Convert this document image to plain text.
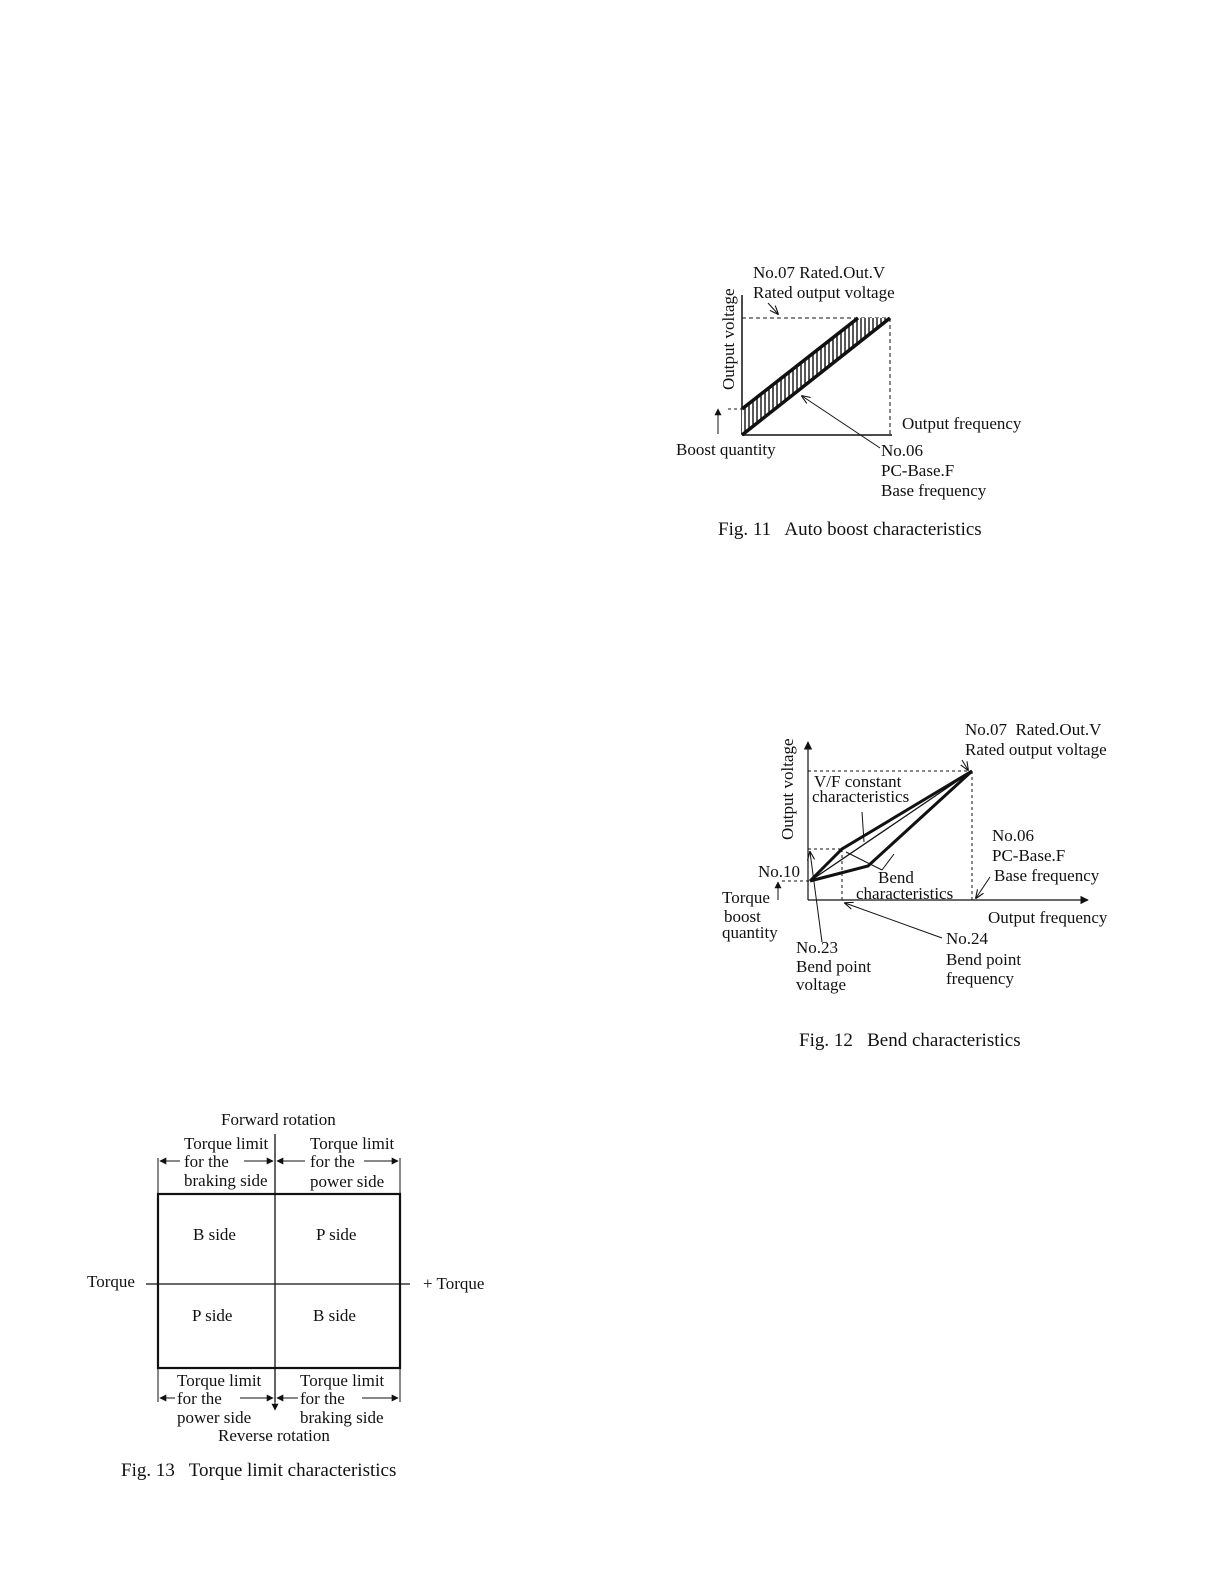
Output voltage
No.07 Rated.Out.V
Rated output voltage
Output frequency
Boost quantity	No.06
PC-Base.F
Base frequency
Fig. 11   Auto boost characteristics
Output voltage
No.07  Rated.Out.V
Rated output voltage
V/F constant
characteristics
No.06
PC-Base.F
Base frequency
No.10
Torque
boost
quantity
Bend
characteristics
Output frequency
No.23
Bend point
voltage
No.24
Bend point
frequency
Fig. 12   Bend characteristics
Forward rotation
Torque limit
for the
braking side
Torque limit
for the
power side
B side	P side
P side	B side
Torque	+ Torque
Torque limit
for the
power side
Torque limit
for the
braking side
Reverse rotation
Fig. 13   Torque limit characteristics
